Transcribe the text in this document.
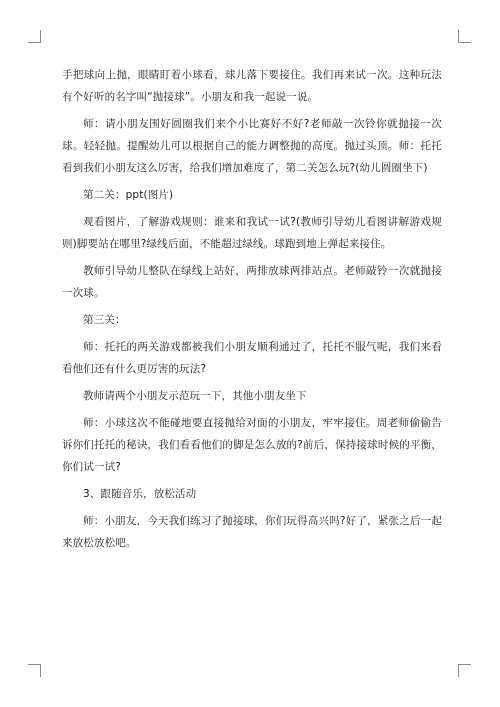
手把球向上抛，眼睛盯着小球看，球儿落下要接住。我们再来试一次。这种玩法有个好听的名字叫“抛接球”。小朋友和我一起说一说。

师：请小朋友围好圆圈我们来个小比赛好不好?老师敲一次铃你就抛接一次球。轻轻抛。提醒幼儿可以根据自己的能力调整抛的高度。抛过头顶。师：托托看到我们小朋友这么厉害，给我们增加难度了，第二关怎么玩?(幼儿圆圈坐下)

第二关：ppt(图片)

观看图片，了解游戏规则：谁来和我试一试?(教师引导幼儿看图讲解游戏规则)脚要站在哪里?绿线后面，不能超过绿线。球跑到地上弹起来接住。

教师引导幼儿整队在绿线上站好，两排放球两排站点。老师敲铃一次就抛接一次球。

第三关：

师：托托的两关游戏都被我们小朋友顺利通过了，托托不服气呢，我们来看看他们还有什么更厉害的玩法?

教师请两个小朋友示范玩一下，其他小朋友坐下

师：小球这次不能碰地要直接抛给对面的小朋友，牢牢接住。周老师偷偷告诉你们托托的秘诀，我们看看他们的脚是怎么放的?前后，保持接球时候的平衡，你们试一试?

3、跟随音乐，放松活动

师：小朋友，今天我们练习了抛接球，你们玩得高兴吗?好了，紧张之后一起来放松放松吧。
